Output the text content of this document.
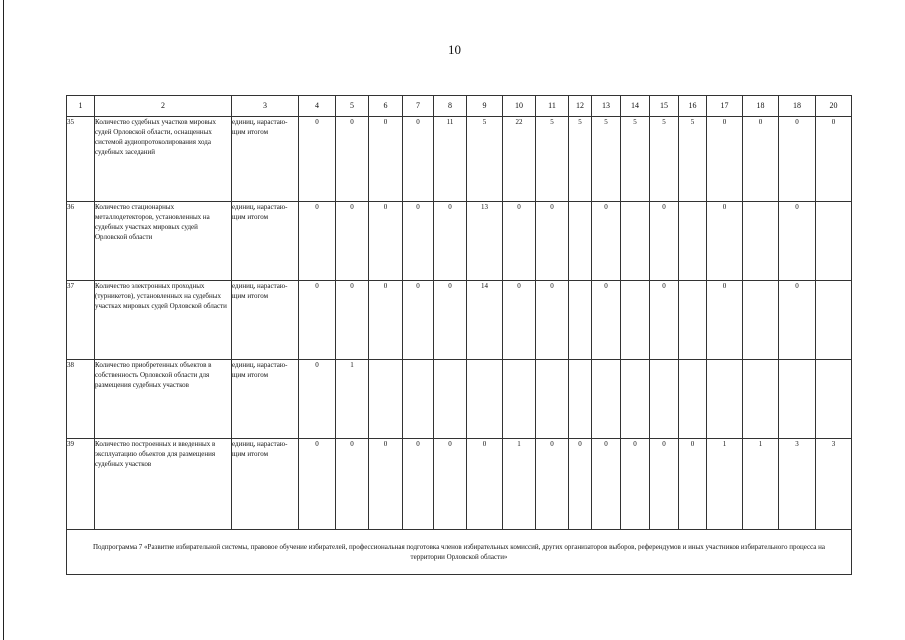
10
1	2	3	4	5	6	7	8	9	10	11	12	13	14	15	16	17	18	18	20
35	Количество судебных участков мировых судей Орловской области, оснащенных системой аудиопротоколирования хода судебных заседаний	единиц, нарастаю-щим итогом	0	0	0	0	11	5	22	5	5	5	5	5	5	0	0	0	0
36	Количество стационарных металлодетекторов, установленных на судебных участках мировых судей Орловской области	единиц, нарастаю-щим итогом	0	0	0	0	0	13	0	0		0		0		0		0	
37	Количество электронных проходных (турникетов), установленных на судебных участках мировых судей Орловской области	единиц, нарастаю-щим итогом	0	0	0	0	0	14	0	0		0		0		0		0	
38	Количество приобретенных объектов в собственность Орловской области для размещения судебных участков	единиц, нарастаю-щим итогом	0	1															
39	Количество построенных и введенных в эксплуатацию объектов для размещения судебных участков	единиц, нарастаю-щим итогом	0	0	0	0	0	0	1	0	0	0	0	0	0	1	1	3	3
Подпрограмма 7 «Развитие избирательной системы, правовое обучение избирателей, профессиональная подготовка членов избирательных комиссий, других организаторов выборов, референдумов и иных участников избирательного процесса на территории Орловской области»																			
